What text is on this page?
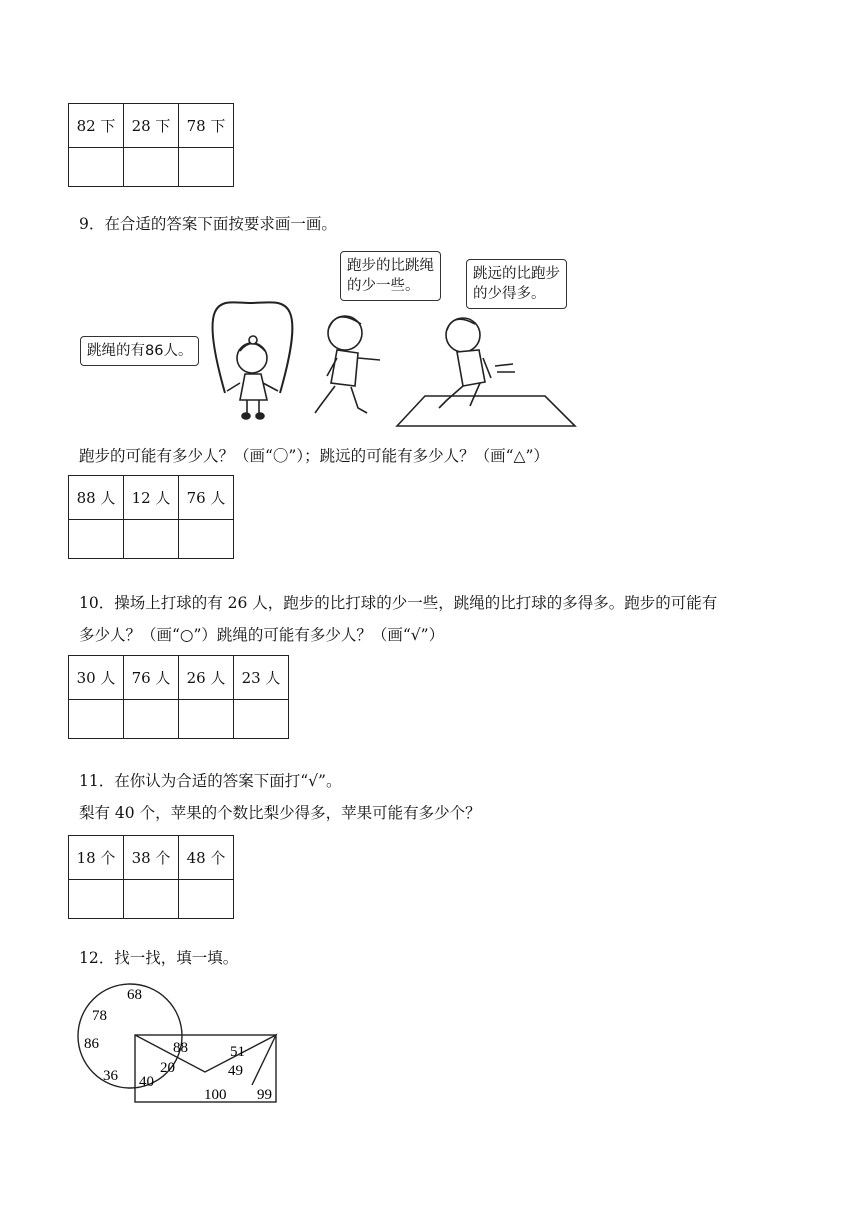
82 下	28 下	78 下

9．在合适的答案下面按要求画一画。
跳绳的有86人。
跑步的比跳绳
的少一些。
跳远的比跑步
的少得多。
跑步的可能有多少人？（画“〇”）；跳远的可能有多少人？（画“△”）
88 人	12 人	76 人

10．操场上打球的有 26 人，跑步的比打球的少一些，跳绳的比打球的多得多。跑步的可能有
多少人？（画“○”）跳绳的可能有多少人？（画“√”）
30 人	76 人	26 人	23 人

11．在你认为合适的答案下面打“√”。
梨有 40 个，苹果的个数比梨少得多，苹果可能有多少个？
18 个	38 个	48 个

12．找一找，填一填。
68
78
86
36
88
20
40
51
49
100 99
